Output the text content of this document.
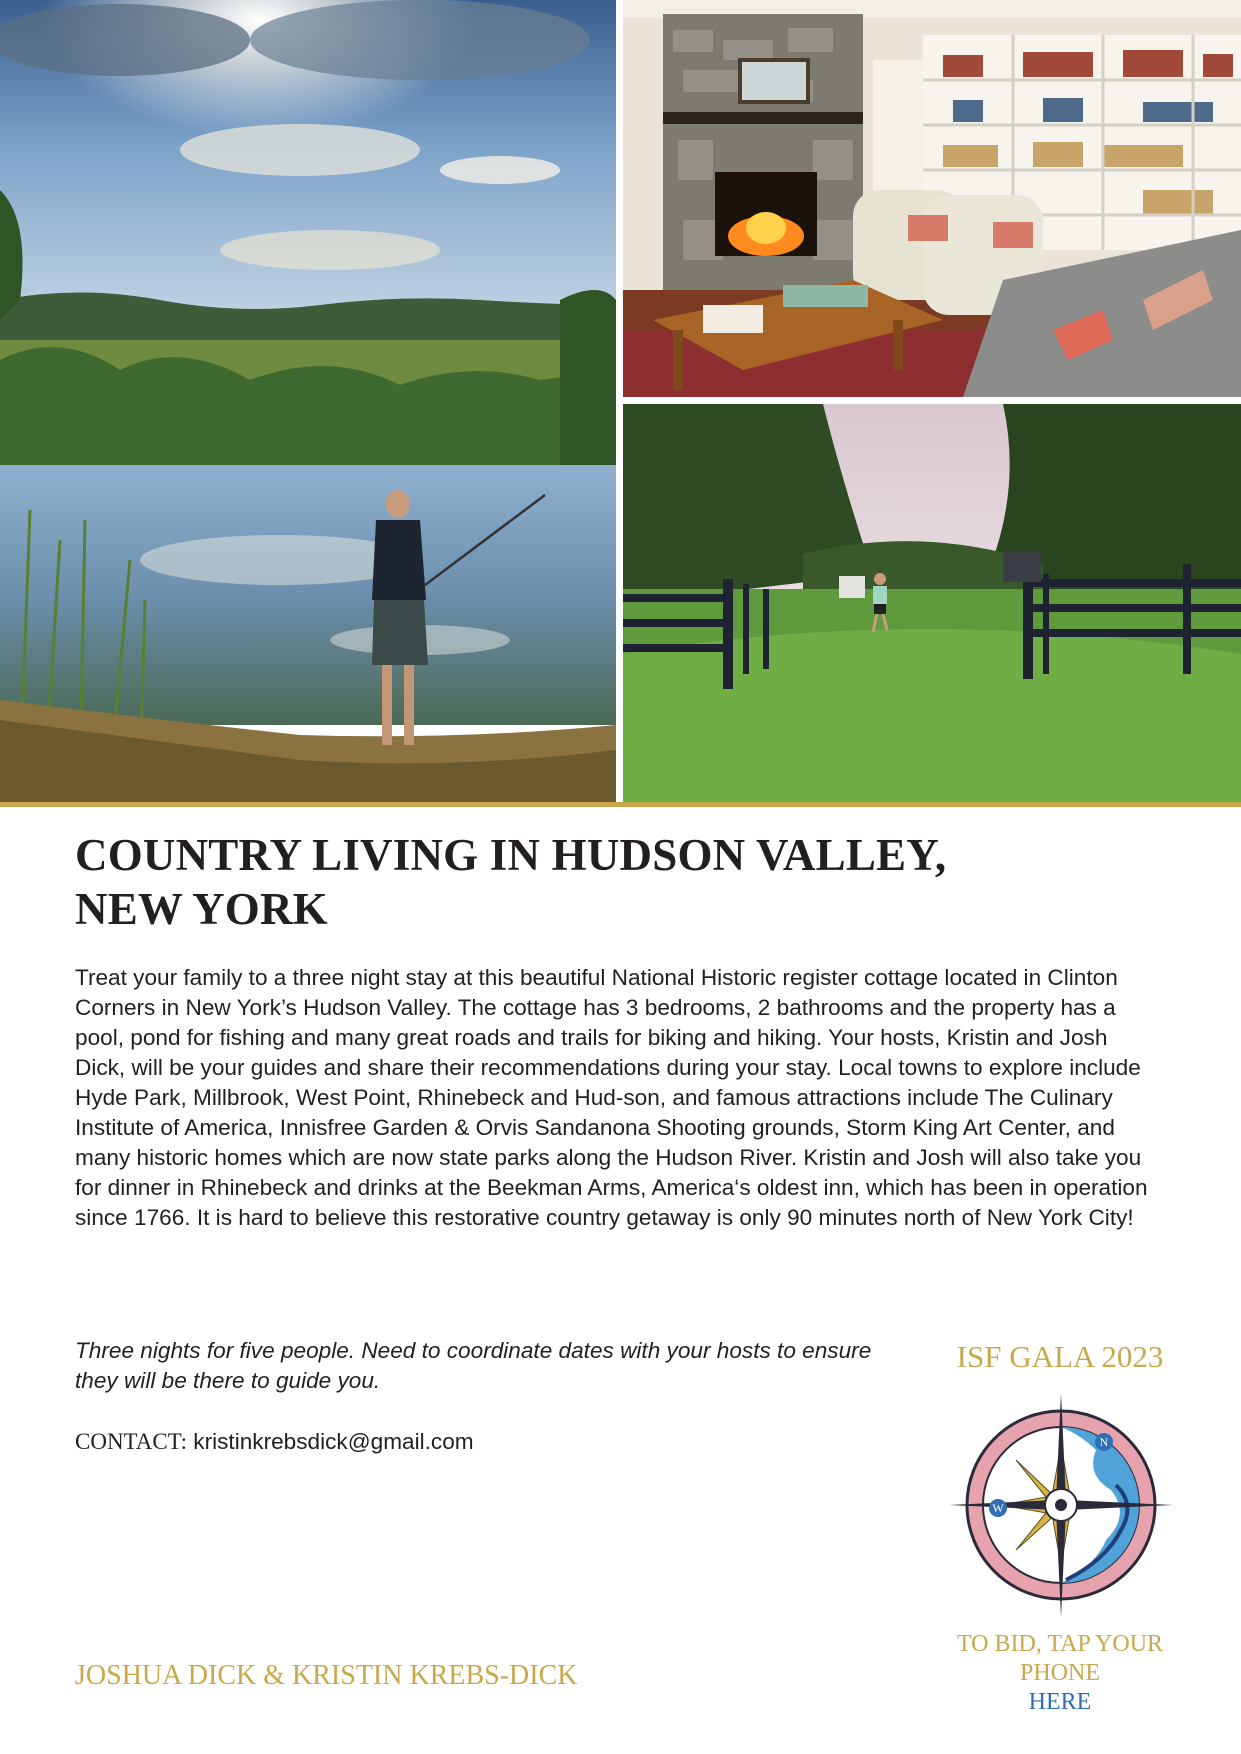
COUNTRY LIVING IN HUDSON VALLEY,
NEW YORK

Treat your family to a three night stay at this beautiful National Historic register cottage located in Clinton Corners in New York’s Hudson Valley. The cottage has 3 bedrooms, 2 bathrooms and the property has a pool, pond for fishing and many great roads and trails for biking and hiking. Your hosts, Kristin and Josh Dick, will be your guides and share their recommendations during your stay. Local towns to explore include Hyde Park, Millbrook, West Point, Rhinebeck and Hud-son, and famous attractions include The Culinary Institute of America, Innisfree Garden & Orvis Sandanona Shooting grounds, Storm King Art Center, and many historic homes which are now state parks along the Hudson River. Kristin and Josh will also take you for dinner in Rhinebeck and drinks at the Beekman Arms, America‘s oldest inn, which has been in operation since 1766. It is hard to believe this restorative country getaway is only 90 minutes north of New York City!

Three nights for five people. Need to coordinate dates with your hosts to ensure they will be there to guide you.

CONTACT: kristinkrebsdick@gmail.com

JOSHUA DICK & KRISTIN KREBS-DICK

ISF GALA 2023
N
W
TO BID, TAP YOUR
PHONE
HERE
